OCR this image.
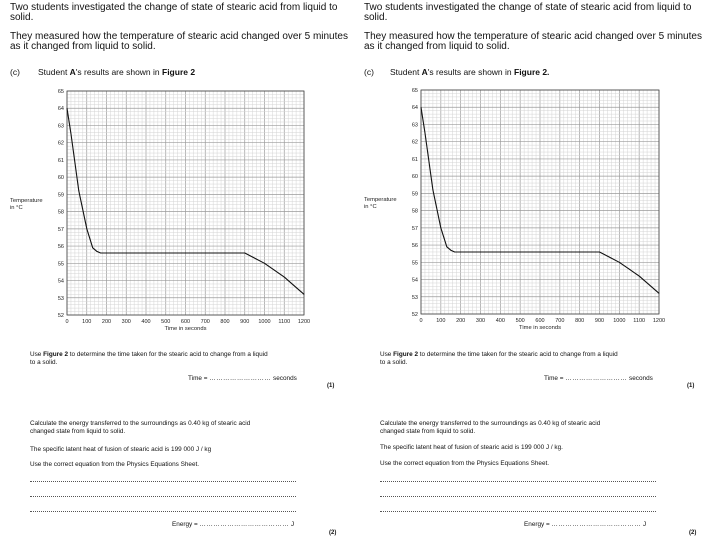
Two students investigated the change of state of stearic acid from liquid to
solid.
They measured how the temperature of stearic acid changed over 5 minutes
as it changed from liquid to solid.
(c) Student A's results are shown in Figure 2
52
53
54
55
56
57
58
59
60
61
62
63
64
65
0 100 200 300 400 500 600 700 800 900 1000 1100 1200
Time in seconds
Temperature
in °C
Use Figure 2 to determine the time taken for the stearic acid to change from a liquid
to a solid.
Time = ……………………… seconds
(1)
Calculate the energy transferred to the surroundings as 0.40 kg of stearic acid
changed state from liquid to solid.
The specific latent heat of fusion of stearic acid is 199 000 J / kg
Use the correct equation from the Physics Equations Sheet.
Energy = ………………………………… J
(2)
Two students investigated the change of state of stearic acid from liquid to
solid.
They measured how the temperature of stearic acid changed over 5 minutes
as it changed from liquid to solid.
(c) Student A's results are shown in Figure 2.
52
53
54
55
56
57
58
59
60
61
62
63
64
65
0 100 200 300 400 500 600 700 800 900 1000 1100 1200
Time in seconds
Temperature
in °C
Use Figure 2 to determine the time taken for the stearic acid to change from a liquid
to a solid.
Time = ……………………… seconds
(1)
Calculate the energy transferred to the surroundings as 0.40 kg of stearic acid
changed state from liquid to solid.
The specific latent heat of fusion of stearic acid is 199 000 J / kg.
Use the correct equation from the Physics Equations Sheet.
Energy = ………………………………… J
(2)
